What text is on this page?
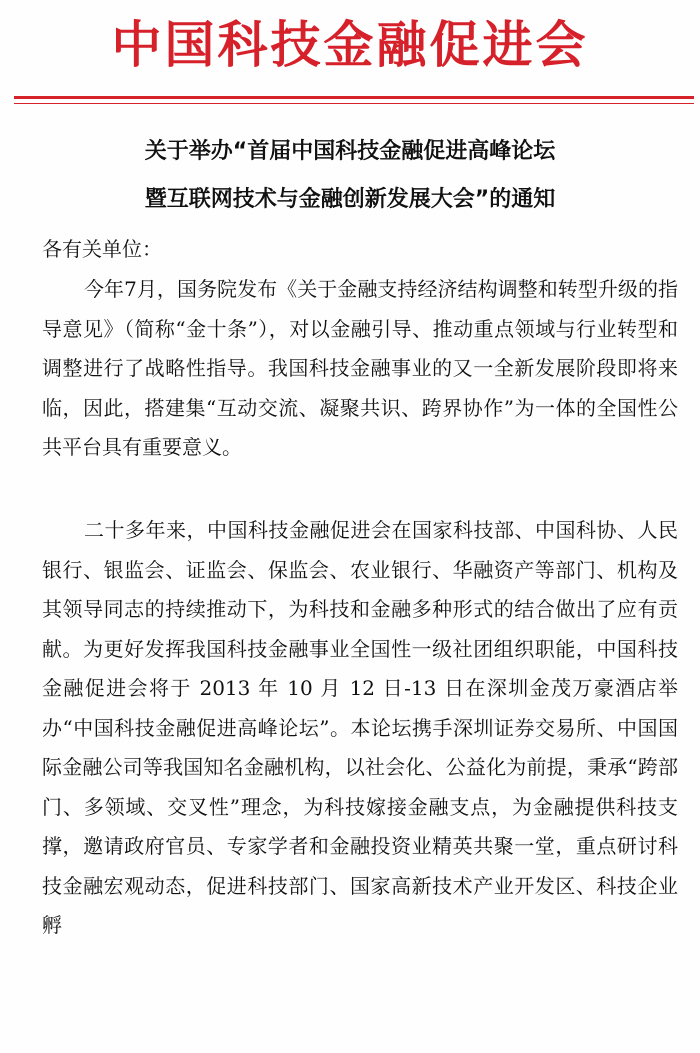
中国科技金融促进会
关于举办“首届中国科技金融促进高峰论坛
暨互联网技术与金融创新发展大会”的通知
各有关单位：

今年7月，国务院发布《关于金融支持经济结构调整和转型升级的指导意见》（简称“金十条”），对以金融引导、推动重点领域与行业转型和调整进行了战略性指导。我国科技金融事业的又一全新发展阶段即将来临，因此，搭建集“互动交流、凝聚共识、跨界协作”为一体的全国性公共平台具有重要意义。

二十多年来，中国科技金融促进会在国家科技部、中国科协、人民银行、银监会、证监会、保监会、农业银行、华融资产等部门、机构及其领导同志的持续推动下，为科技和金融多种形式的结合做出了应有贡献。为更好发挥我国科技金融事业全国性一级社团组织职能，中国科技金融促进会将于 2013 年 10 月 12 日-13 日在深圳金茂万豪酒店举办“中国科技金融促进高峰论坛”。本论坛携手深圳证券交易所、中国国际金融公司等我国知名金融机构，以社会化、公益化为前提，秉承“跨部门、多领域、交叉性”理念，为科技嫁接金融支点，为金融提供科技支撑，邀请政府官员、专家学者和金融投资业精英共聚一堂，重点研讨科技金融宏观动态，促进科技部门、国家高新技术产业开发区、科技企业孵
